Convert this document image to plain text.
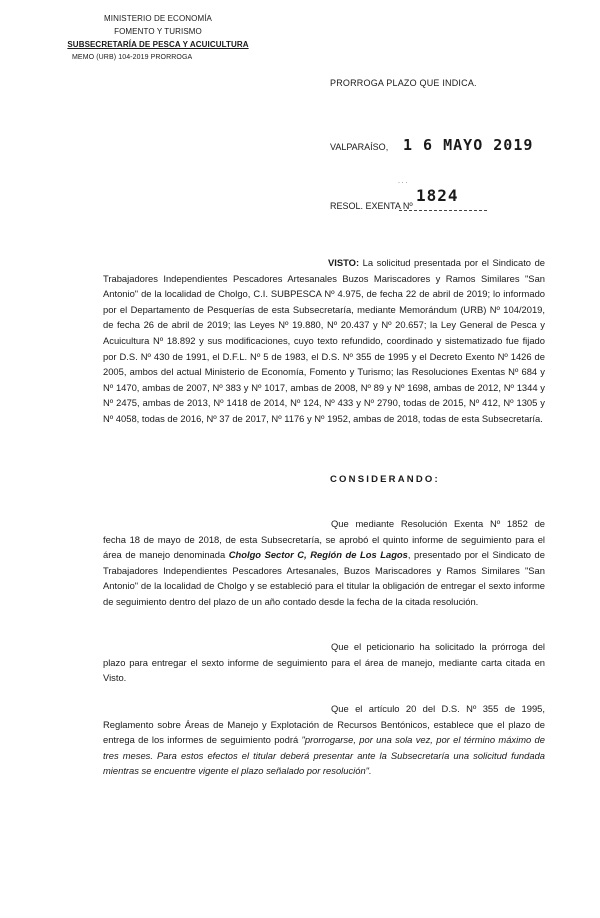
MINISTERIO DE ECONOMÍA
FOMENTO Y TURISMO
SUBSECRETARÍA DE PESCA Y ACUICULTURA
MEMO (URB) 104-2019 PRORROGA
PRORROGA PLAZO QUE INDICA.
VALPARAÍSO, 1 6 MAYO 2019
· · ·
1824
RESOL. EXENTA Nº
VISTO: La solicitud presentada por el Sindicato de Trabajadores Independientes Pescadores Artesanales Buzos Mariscadores y Ramos Similares "San Antonio" de la localidad de Cholgo, C.I. SUBPESCA Nº 4.975, de fecha 22 de abril de 2019; lo informado por el Departamento de Pesquerías de esta Subsecretaría, mediante Memorándum (URB) Nº 104/2019, de fecha 26 de abril de 2019; las Leyes Nº 19.880, Nº 20.437 y Nº 20.657; la Ley General de Pesca y Acuicultura Nº 18.892 y sus modificaciones, cuyo texto refundido, coordinado y sistematizado fue fijado por D.S. Nº 430 de 1991, el D.F.L. Nº 5 de 1983, el D.S. Nº 355 de 1995 y el Decreto Exento Nº 1426 de 2005, ambos del actual Ministerio de Economía, Fomento y Turismo; las Resoluciones Exentas Nº 684 y Nº 1470, ambas de 2007, Nº 383 y Nº 1017, ambas de 2008, Nº 89 y Nº 1698, ambas de 2012, Nº 1344 y Nº 2475, ambas de 2013, Nº 1418 de 2014, Nº 124, Nº 433 y Nº 2790, todas de 2015, Nº 412, Nº 1305 y Nº 4058, todas de 2016, Nº 37 de 2017, Nº 1176 y Nº 1952, ambas de 2018, todas de esta Subsecretaría.
CONSIDERANDO:
Que mediante Resolución Exenta Nº 1852 de fecha 18 de mayo de 2018, de esta Subsecretaría, se aprobó el quinto informe de seguimiento para el área de manejo denominada Cholgo Sector C, Región de Los Lagos, presentado por el Sindicato de Trabajadores Independientes Pescadores Artesanales, Buzos Mariscadores y Ramos Similares "San Antonio" de la localidad de Cholgo y se estableció para el titular la obligación de entregar el sexto informe de seguimiento dentro del plazo de un año contado desde la fecha de la citada resolución.
Que el peticionario ha solicitado la prórroga del plazo para entregar el sexto informe de seguimiento para el área de manejo, mediante carta citada en Visto.
Que el artículo 20 del D.S. Nº 355 de 1995, Reglamento sobre Áreas de Manejo y Explotación de Recursos Bentónicos, establece que el plazo de entrega de los informes de seguimiento podrá "prorrogarse, por una sola vez, por el término máximo de tres meses. Para estos efectos el titular deberá presentar ante la Subsecretaría una solicitud fundada mientras se encuentre vigente el plazo señalado por resolución".
